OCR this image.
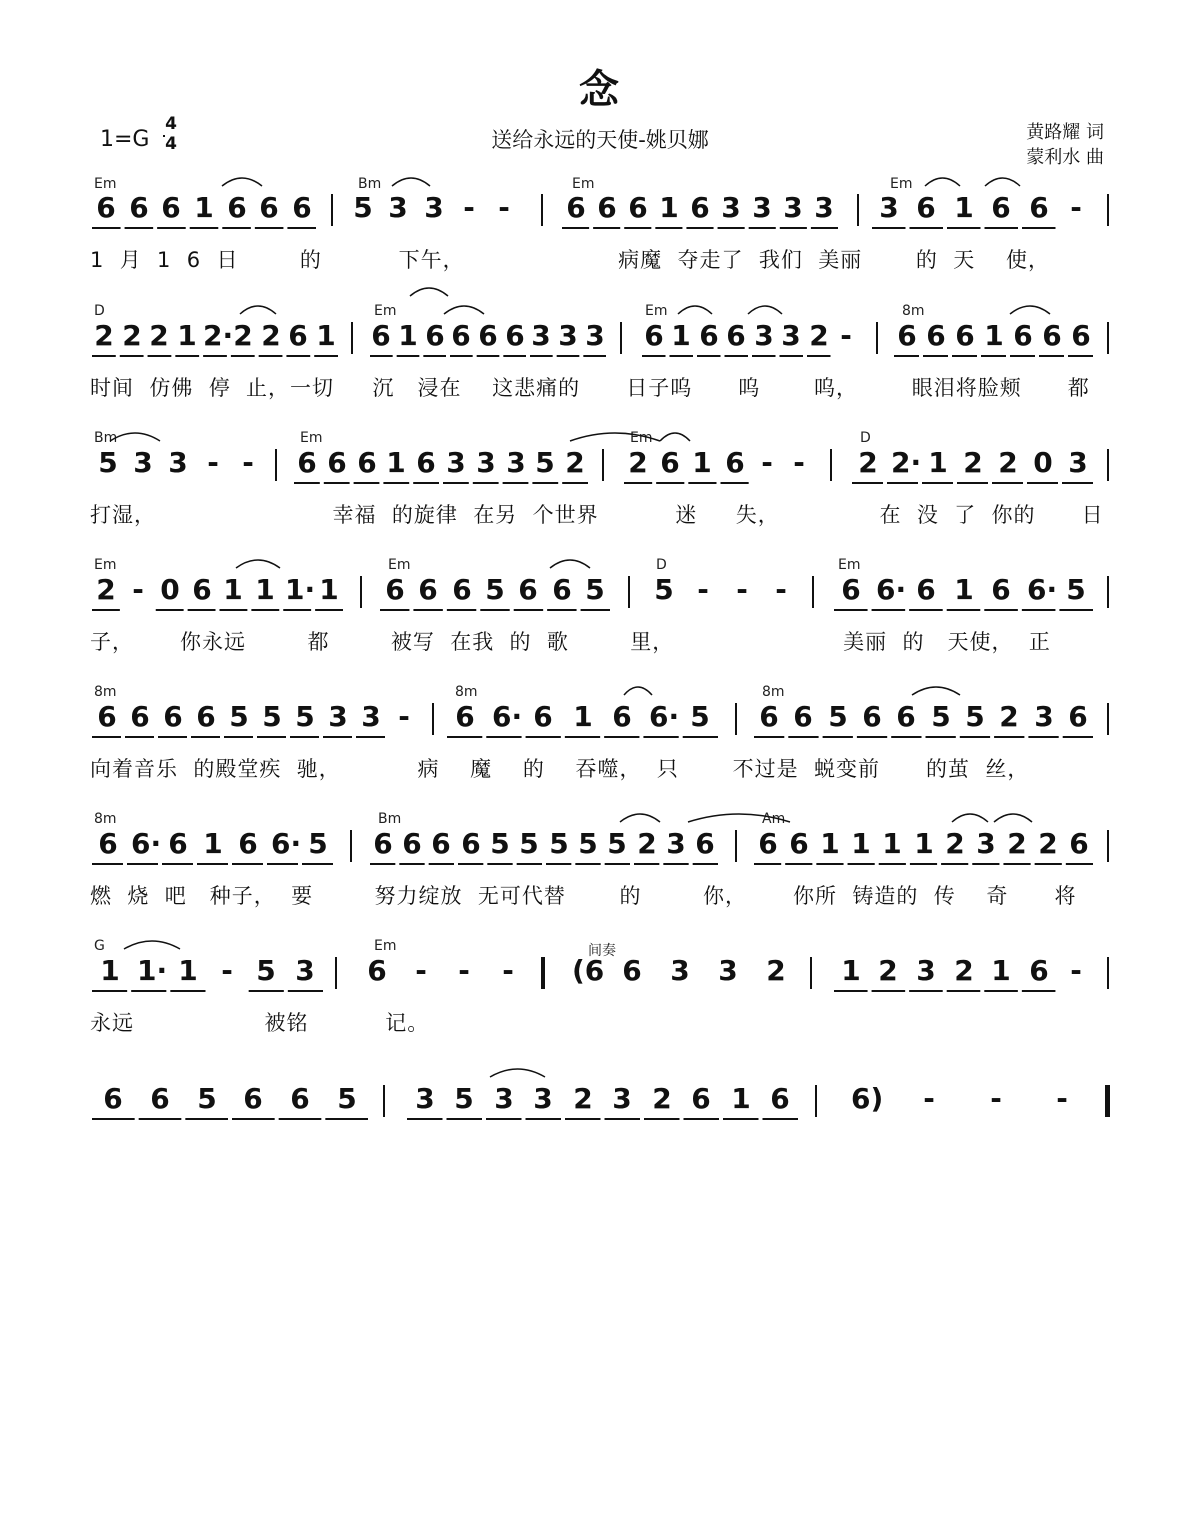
念
送给永远的天使-姚贝娜
1=G
4
4
黄路耀 词
蒙利水 曲
间奏
Em	Bm	Em	Em
6 6 6 1 6 6 6 5 3 3 - - 6 6 6 1 6 3 3 3 3 3 6 1 6 6 -
1  月  1  6  日        的          下午，                    病魔  夺走了  我们  美丽       的  天    使，
D	Em	Em	8m
2 2 2 1 2· 2 2 6 1 6 1 6 6 6 6 3 3 3 6 1 6 6 3 3 2 - 6 6 6 1 6 6 6
时间  仿佛  停  止，一切     沉   浸在    这悲痛的      日子呜      呜       呜，       眼泪将脸颊      都
Bm	Em	Em	D
5 3 3 - - 6 6 6 1 6 3 3 3 5 2 2 6 1 6 - - 2 2· 1 2 2 0 3
打湿，                       幸福  的旋律  在另  个世界          迷     失，             在  没  了  你的      日
Em	Em	D	Em
2 - 0 6 1 1 1· 1 6 6 6 5 6 6 5 5 - - - 6 6· 6 1 6 6· 5
子，      你永远        都        被写  在我  的  歌        里，                      美丽  的   天使，  正
8m	8m	8m
6 6 6 6 5 5 5 3 3 - 6 6· 6 1 6 6· 5 6 6 5 6 6 5 5 2 3 6
向着音乐  的殿堂疾  驰，          病    魔    的    吞噬，  只       不过是  蜕变前      的茧  丝，
8m	Bm	Am
6 6· 6 1 6 6· 5 6 6 6 6 5 5 5 5 5 2 3 6 6 6 1 1 1 1 2 3 2 2 6
燃  烧  吧   种子，  要        努力绽放  无可代替       的        你，      你所  铸造的  传    奇      将
G	Em
1 1· 1 - 5 3 6 - - - (6 6 3 3 2 1 2 3 2 1 6 -
永远                 被铭          记。
6 6 5 6 6 5 3 5 3 3 2 3 2 6 1 6 6) - - -
